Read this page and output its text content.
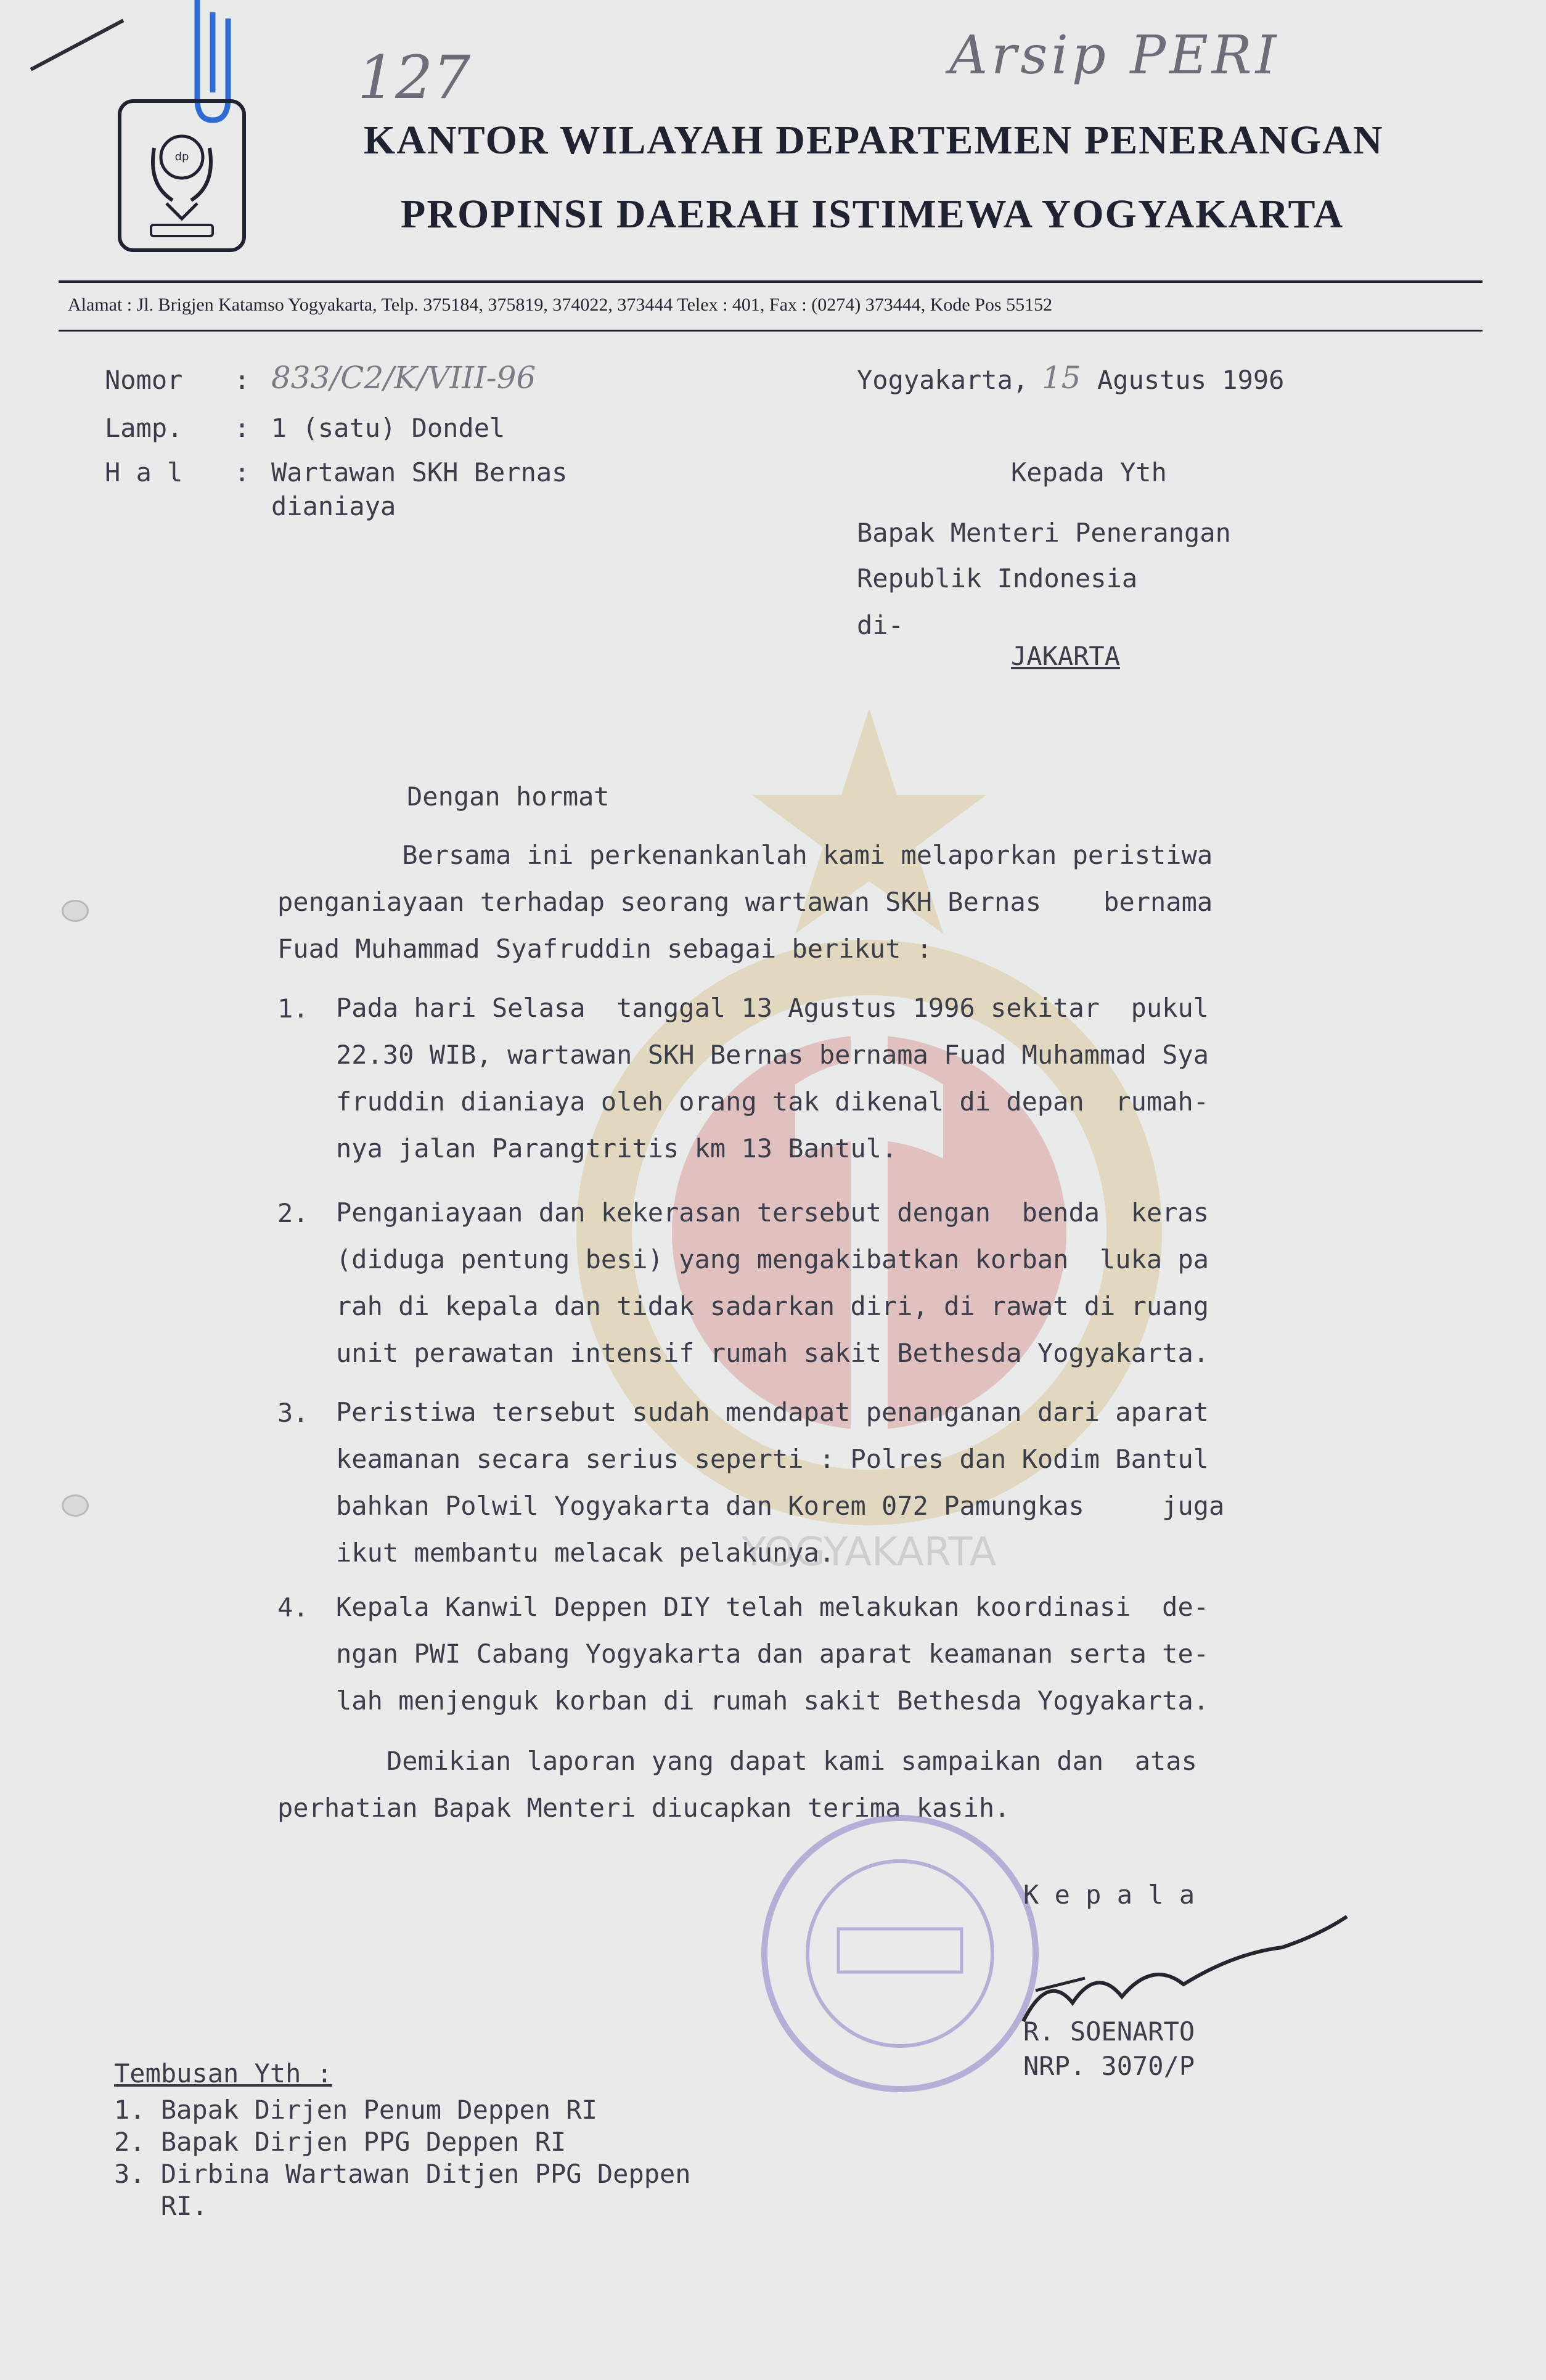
127	Arsip PERI
dp	KANTOR WILAYAH DEPARTEMEN PENERANGAN
PROPINSI DAERAH ISTIMEWA YOGYAKARTA
Alamat : Jl. Brigjen Katamso Yogyakarta, Telp. 375184, 375819, 374022, 373444 Telex : 401, Fax : (0274) 373444, Kode Pos 55152
YOGYAKARTA
Nomor : 833/C2/K/VIII-96
Lamp. : 1 (satu) Dondel
H a l : Wartawan SKH Bernas
dianiaya
Yogyakarta, 15 Agustus 1996
Kepada Yth
Bapak Menteri Penerangan
Republik Indonesia
di-
JAKARTA
Dengan hormat
Bersama ini perkenankanlah kami melaporkan peristiwa
penganiayaan terhadap seorang wartawan SKH Bernas    bernama
Fuad Muhammad Syafruddin sebagai berikut :
1. Pada hari Selasa  tanggal 13 Agustus 1996 sekitar  pukul
22.30 WIB, wartawan SKH Bernas bernama Fuad Muhammad Sya
fruddin dianiaya oleh orang tak dikenal di depan  rumah-
nya jalan Parangtritis km 13 Bantul.
2. Penganiayaan dan kekerasan tersebut dengan  benda  keras
(diduga pentung besi) yang mengakibatkan korban  luka pa
rah di kepala dan tidak sadarkan diri, di rawat di ruang
unit perawatan intensif rumah sakit Bethesda Yogyakarta.
3. Peristiwa tersebut sudah mendapat penanganan dari aparat
keamanan secara serius seperti : Polres dan Kodim Bantul
bahkan Polwil Yogyakarta dan Korem 072 Pamungkas     juga
ikut membantu melacak pelakunya.
4. Kepala Kanwil Deppen DIY telah melakukan koordinasi  de-
ngan PWI Cabang Yogyakarta dan aparat keamanan serta te-
lah menjenguk korban di rumah sakit Bethesda Yogyakarta.
Demikian laporan yang dapat kami sampaikan dan  atas
perhatian Bapak Menteri diucapkan terima kasih.
K e p a l a
R. SOENARTO
NRP. 3070/P
Tembusan Yth :
1. Bapak Dirjen Penum Deppen RI
2. Bapak Dirjen PPG Deppen RI
3. Dirbina Wartawan Ditjen PPG Deppen
RI.
